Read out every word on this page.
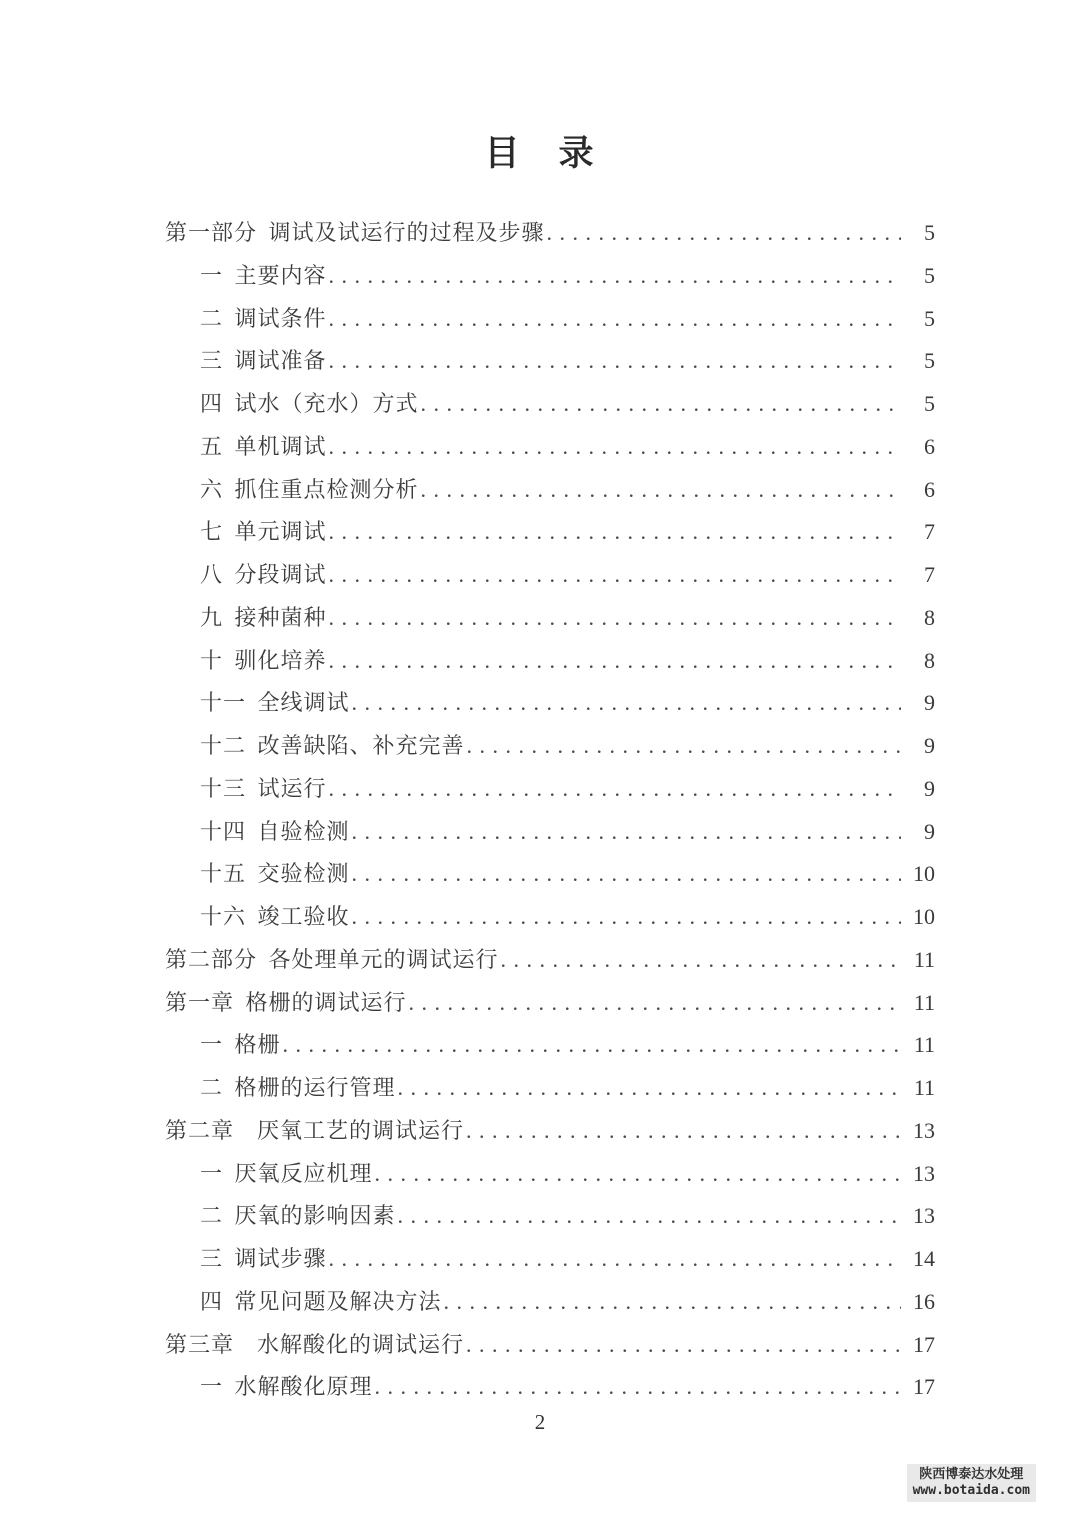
目　录
第一部分 调试及试运行的过程及步骤 .....	5
一 主要内容 .....	5
二 调试条件 .....	5
三 调试准备 .....	5
四 试水（充水）方式 .....	5
五 单机调试 .....	6
六 抓住重点检测分析 .....	6
七 单元调试 .....	7
八 分段调试 .....	7
九 接种菌种 .....	8
十 驯化培养 .....	8
十一 全线调试 .....	9
十二 改善缺陷、补充完善 .....	9
十三 试运行 .....	9
十四 自验检测 .....	9
十五 交验检测 .....	10
十六 竣工验收 .....	10
第二部分 各处理单元的调试运行 .....	11
第一章 格栅的调试运行 .....	11
一 格栅 .....	11
二 格栅的运行管理 .....	11
第二章  厌氧工艺的调试运行 .....	13
一 厌氧反应机理 .....	13
二 厌氧的影响因素 .....	13
三 调试步骤 .....	14
四 常见问题及解决方法 .....	16
第三章  水解酸化的调试运行 .....	17
一 水解酸化原理 .....	17
2
陕西博泰达水处理
www.botaida.com
